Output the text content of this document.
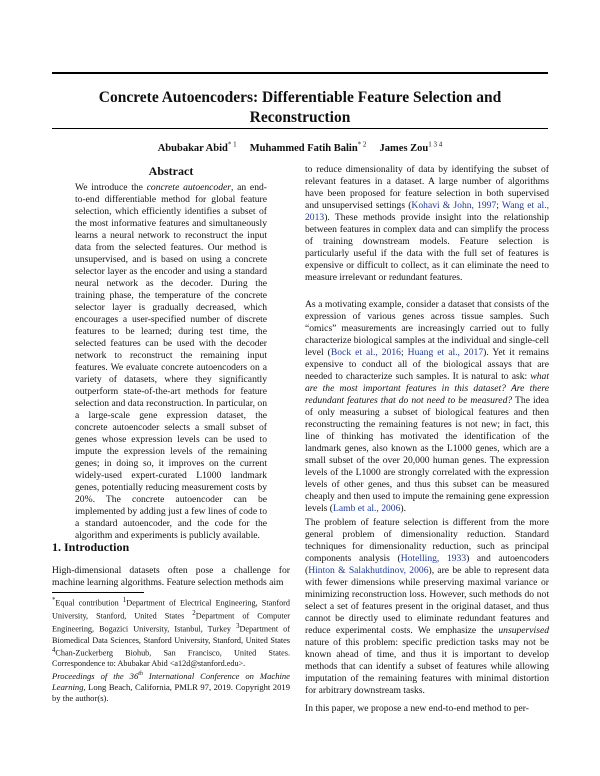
Concrete Autoencoders: Differentiable Feature Selection and Reconstruction
Abubakar Abid$^{* 1}$ Muhammed Fatih Balin$^{* 2}$ James Zou$^{1 3 4}$
Abstract

We introduce the concrete autoencoder, an end-to-end differentiable method for global feature selection, which efficiently identifies a subset of the most informative features and simultaneously learns a neural network to reconstruct the input data from the selected features. Our method is unsupervised, and is based on using a concrete selector layer as the encoder and using a standard neural network as the decoder. During the training phase, the temperature of the concrete selector layer is gradually decreased, which encourages a user-specified number of discrete features to be learned; during test time, the selected features can be used with the decoder network to reconstruct the remaining input features. We evaluate concrete autoencoders on a variety of datasets, where they significantly outperform state-of-the-art methods for feature selection and data reconstruction. In particular, on a large-scale gene expression dataset, the concrete autoencoder selects a small subset of genes whose expression levels can be used to impute the expression levels of the remaining genes; in doing so, it improves on the current widely-used expert-curated L1000 landmark genes, potentially reducing measurement costs by 20%. The concrete autoencoder can be implemented by adding just a few lines of code to a standard autoencoder, and the code for the algorithm and experiments is publicly available.

1. Introduction

High-dimensional datasets often pose a challenge for machine learning algorithms. Feature selection methods aim

*Equal contribution $^1$Department of Electrical Engineering, Stanford University, Stanford, United States $^2$Department of Computer Engineering, Bogazici University, Istanbul, Turkey $^3$Department of Biomedical Data Sciences, Stanford University, Stanford, United States $^4$Chan-Zuckerberg Biohub, San Francisco, United States. Correspondence to: Abubakar Abid <a12d@stanford.edu>.

Proceedings of the 36th International Conference on Machine Learning, Long Beach, California, PMLR 97, 2019. Copyright 2019 by the author(s).

to reduce dimensionality of data by identifying the subset of relevant features in a dataset. A large number of algorithms have been proposed for feature selection in both supervised and unsupervised settings (Kohavi & John, 1997; Wang et al., 2013). These methods provide insight into the relationship between features in complex data and can simplify the process of training downstream models. Feature selection is particularly useful if the data with the full set of features is expensive or difficult to collect, as it can eliminate the need to measure irrelevant or redundant features.

As a motivating example, consider a dataset that consists of the expression of various genes across tissue samples. Such “omics” measurements are increasingly carried out to fully characterize biological samples at the individual and single-cell level (Bock et al., 2016; Huang et al., 2017). Yet it remains expensive to conduct all of the biological assays that are needed to characterize such samples. It is natural to ask: what are the most important features in this dataset? Are there redundant features that do not need to be measured? The idea of only measuring a subset of biological features and then reconstructing the remaining features is not new; in fact, this line of thinking has motivated the identification of the landmark genes, also known as the L1000 genes, which are a small subset of the over 20,000 human genes. The expression levels of the L1000 are strongly correlated with the expression levels of other genes, and thus this subset can be measured cheaply and then used to impute the remaining gene expression levels (Lamb et al., 2006).

The problem of feature selection is different from the more general problem of dimensionality reduction. Standard techniques for dimensionality reduction, such as principal components analysis (Hotelling, 1933) and autoencoders (Hinton & Salakhutdinov, 2006), are be able to represent data with fewer dimensions while preserving maximal variance or minimizing reconstruction loss. However, such methods do not select a set of features present in the original dataset, and thus cannot be directly used to eliminate redundant features and reduce experimental costs. We emphasize the unsupervised nature of this problem: specific prediction tasks may not be known ahead of time, and thus it is important to develop methods that can identify a subset of features while allowing imputation of the remaining features with minimal distortion for arbitrary downstream tasks.

In this paper, we propose a new end-to-end method to per-
